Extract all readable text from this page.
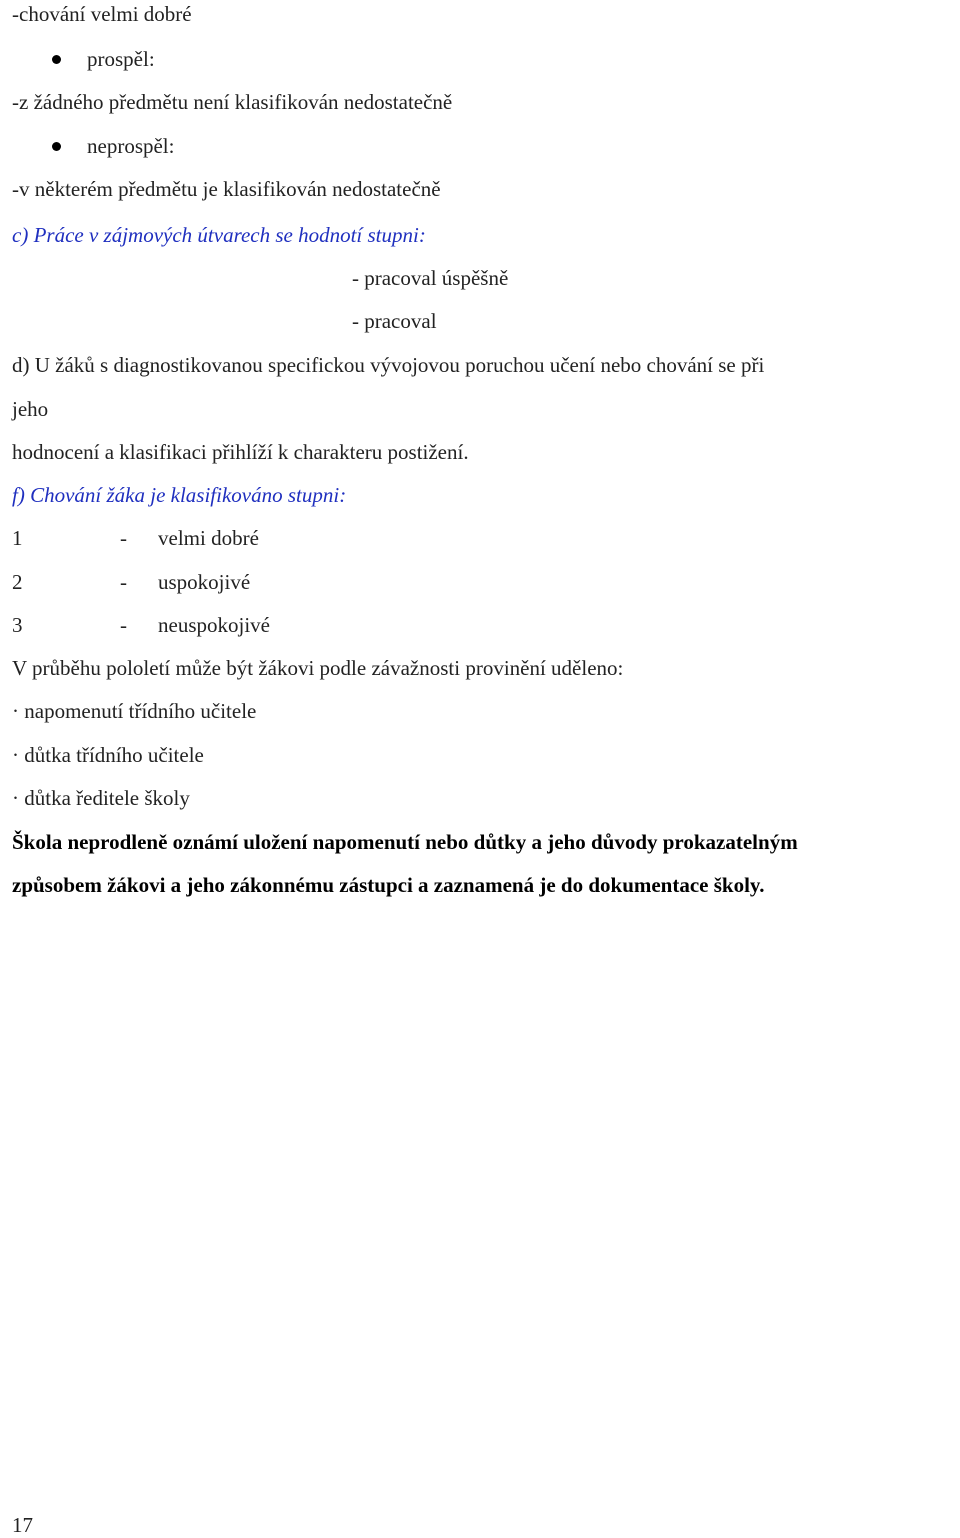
-chování velmi dobré
prospěl:
-z žádného předmětu není klasifikován nedostatečně
neprospěl:
-v některém předmětu je klasifikován nedostatečně
c) Práce v zájmových útvarech se hodnotí stupni:
- pracoval úspěšně
- pracoval
d) U žáků s diagnostikovanou specifickou vývojovou poruchou učení nebo chování se při
jeho
hodnocení a klasifikaci přihlíží k charakteru postižení.
f) Chování žáka je klasifikováno stupni:
1	-	velmi dobré
2	-	uspokojivé
3	-	neuspokojivé
V průběhu pololetí může být žákovi podle závažnosti provinění uděleno:
· napomenutí třídního učitele
· důtka třídního učitele
· důtka ředitele školy
Škola neprodleně oznámí uložení napomenutí nebo důtky a jeho důvody prokazatelným
způsobem žákovi a jeho zákonnému zástupci a zaznamená je do dokumentace školy.
17
